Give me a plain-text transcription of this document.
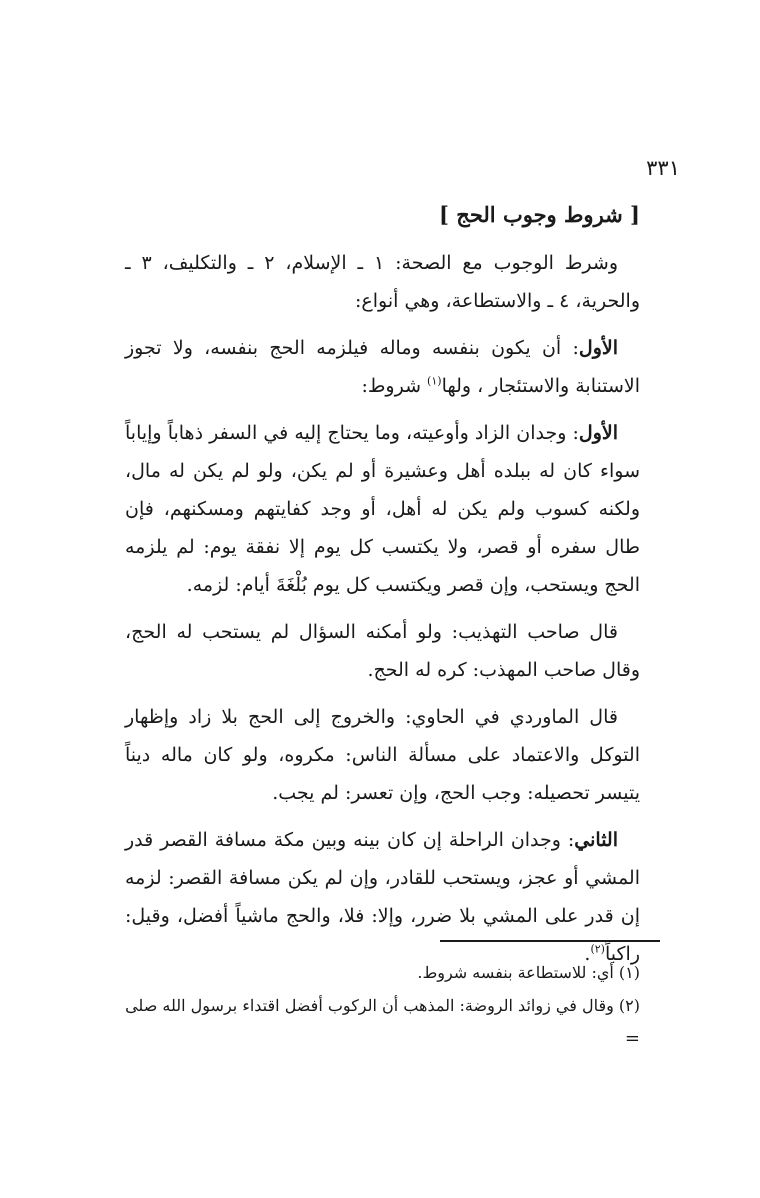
٣٣١
[ شروط وجوب الحج ]

وشرط الوجوب مع الصحة: ١ ـ الإسلام، ٢ ـ والتكليف، ٣ ـ والحرية، ٤ ـ والاستطاعة، وهي أنواع:

الأول: أن يكون بنفسه وماله فيلزمه الحج بنفسه، ولا تجوز الاستنابة والاستئجار ، ولها$^{(١)}$ شروط:

الأول: وجدان الزاد وأوعيته، وما يحتاج إليه في السفر ذهاباً وإياباً سواء كان له ببلده أهل وعشيرة أو لم يكن، ولو لم يكن له مال، ولكنه كسوب ولم يكن له أهل، أو وجد كفايتهم ومسكنهم، فإن طال سفره أو قصر، ولا يكتسب كل يوم إلا نفقة يوم: لم يلزمه الحج ويستحب، وإن قصر ويكتسب كل يوم بُلْغَةَ أيام: لزمه.

قال صاحب التهذيب: ولو أمكنه السؤال لم يستحب له الحج، وقال صاحب المهذب: كره له الحج.

قال الماوردي في الحاوي: والخروج إلى الحج بلا زاد وإظهار التوكل والاعتماد على مسألة الناس: مكروه، ولو كان ماله ديناً يتيسر تحصيله: وجب الحج، وإن تعسر: لم يجب.

الثاني: وجدان الراحلة إن كان بينه وبين مكة مسافة القصر قدر المشي أو عجز، ويستحب للقادر، وإن لم يكن مسافة القصر: لزمه إن قدر على المشي بلا ضرر، وإلا: فلا، والحج ماشياً أفضل، وقيل: راكباً$^{(٢)}$.

(١) أي: للاستطاعة بنفسه شروط.

(٢) وقال في زوائد الروضة: المذهب أن الركوب أفضل اقتداء برسول الله صلى

=
